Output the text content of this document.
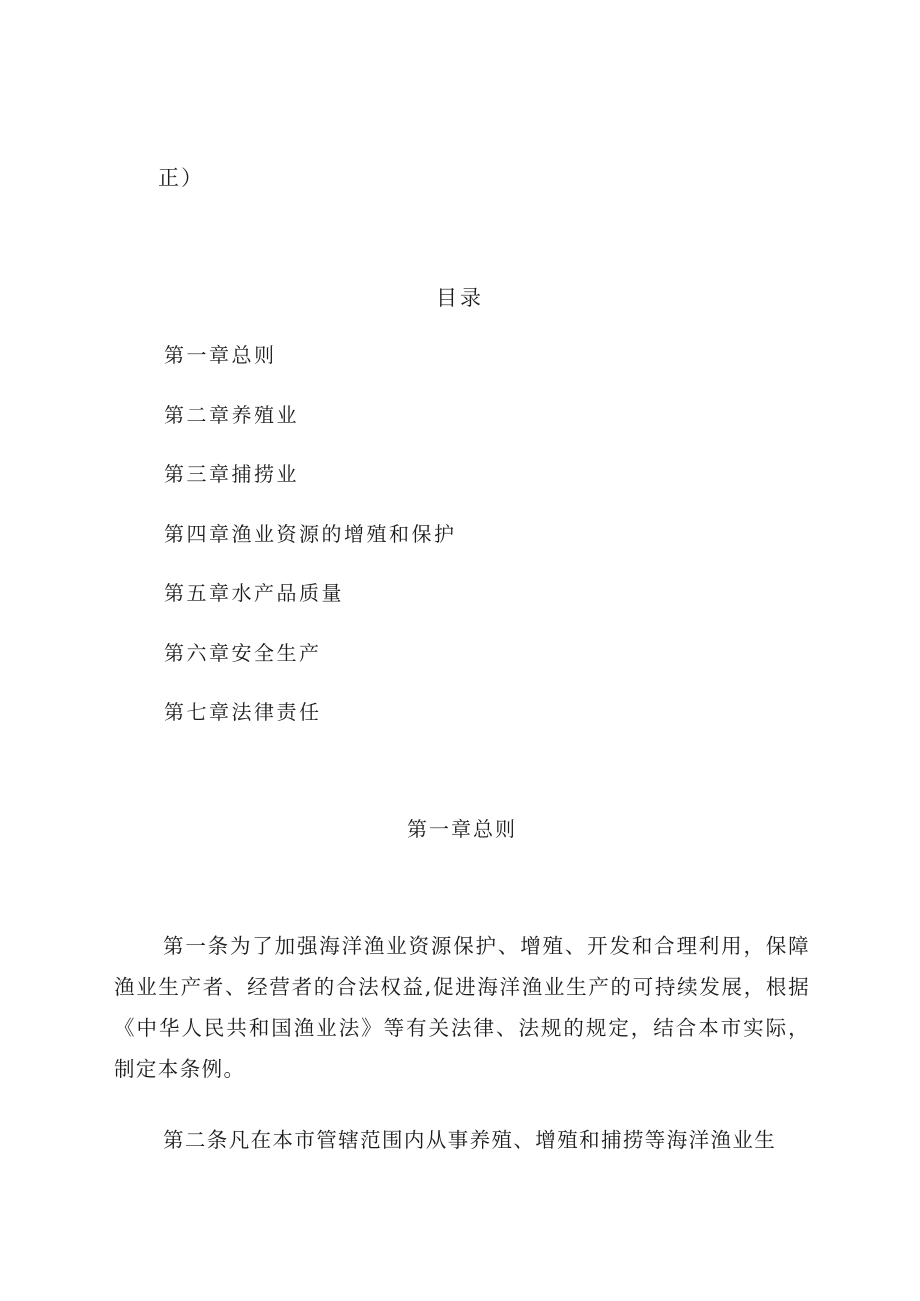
正）
目录
第一章总则
第二章养殖业
第三章捕捞业
第四章渔业资源的增殖和保护
第五章水产品质量
第六章安全生产
第七章法律责任
第一章总则

第一条为了加强海洋渔业资源保护、增殖、开发和合理利用，保障渔业生产者、经营者的合法权益,促进海洋渔业生产的可持续发展，根据《中华人民共和国渔业法》等有关法律、法规的规定，结合本市实际，制定本条例。

第二条凡在本市管辖范围内从事养殖、增殖和捕捞等海洋渔业生
